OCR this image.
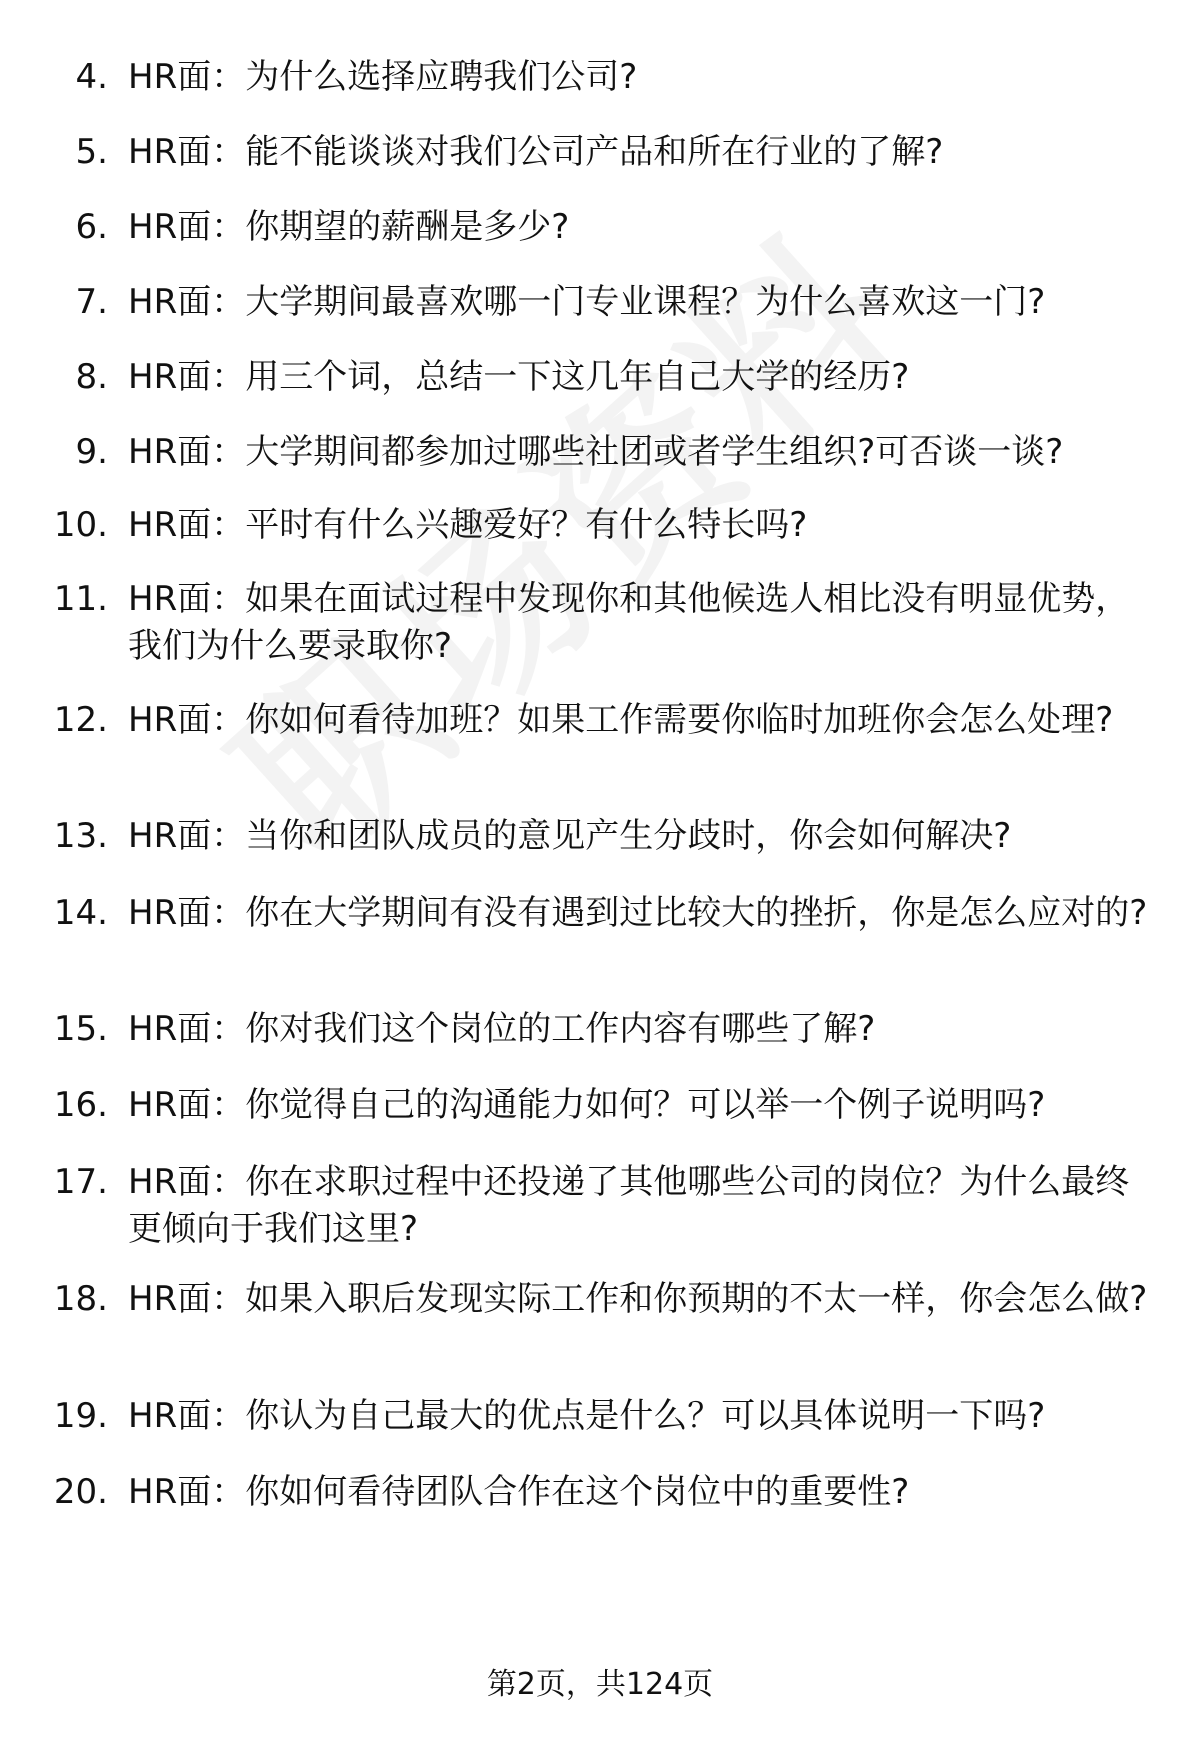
4. HR面：为什么选择应聘我们公司?
5. HR面：能不能谈谈对我们公司产品和所在行业的了解?
6. HR面：你期望的薪酬是多少?
7. HR面：大学期间最喜欢哪一门专业课程？为什么喜欢这一门?
8. HR面：用三个词，总结一下这几年自己大学的经历?
9. HR面：大学期间都参加过哪些社团或者学生组织?可否谈一谈?
10. HR面：平时有什么兴趣爱好？有什么特长吗?
11. HR面：如果在面试过程中发现你和其他候选人相比没有明显优势，我们为什么要录取你?
12. HR面：你如何看待加班？如果工作需要你临时加班你会怎么处理?
13. HR面：当你和团队成员的意见产生分歧时，你会如何解决?
14. HR面：你在大学期间有没有遇到过比较大的挫折，你是怎么应对的?
15. HR面：你对我们这个岗位的工作内容有哪些了解?
16. HR面：你觉得自己的沟通能力如何？可以举一个例子说明吗?
17. HR面：你在求职过程中还投递了其他哪些公司的岗位？为什么最终更倾向于我们这里?
18. HR面：如果入职后发现实际工作和你预期的不太一样，你会怎么做?
19. HR面：你认为自己最大的优点是什么？可以具体说明一下吗?
20. HR面：你如何看待团队合作在这个岗位中的重要性?
第2页，共124页
